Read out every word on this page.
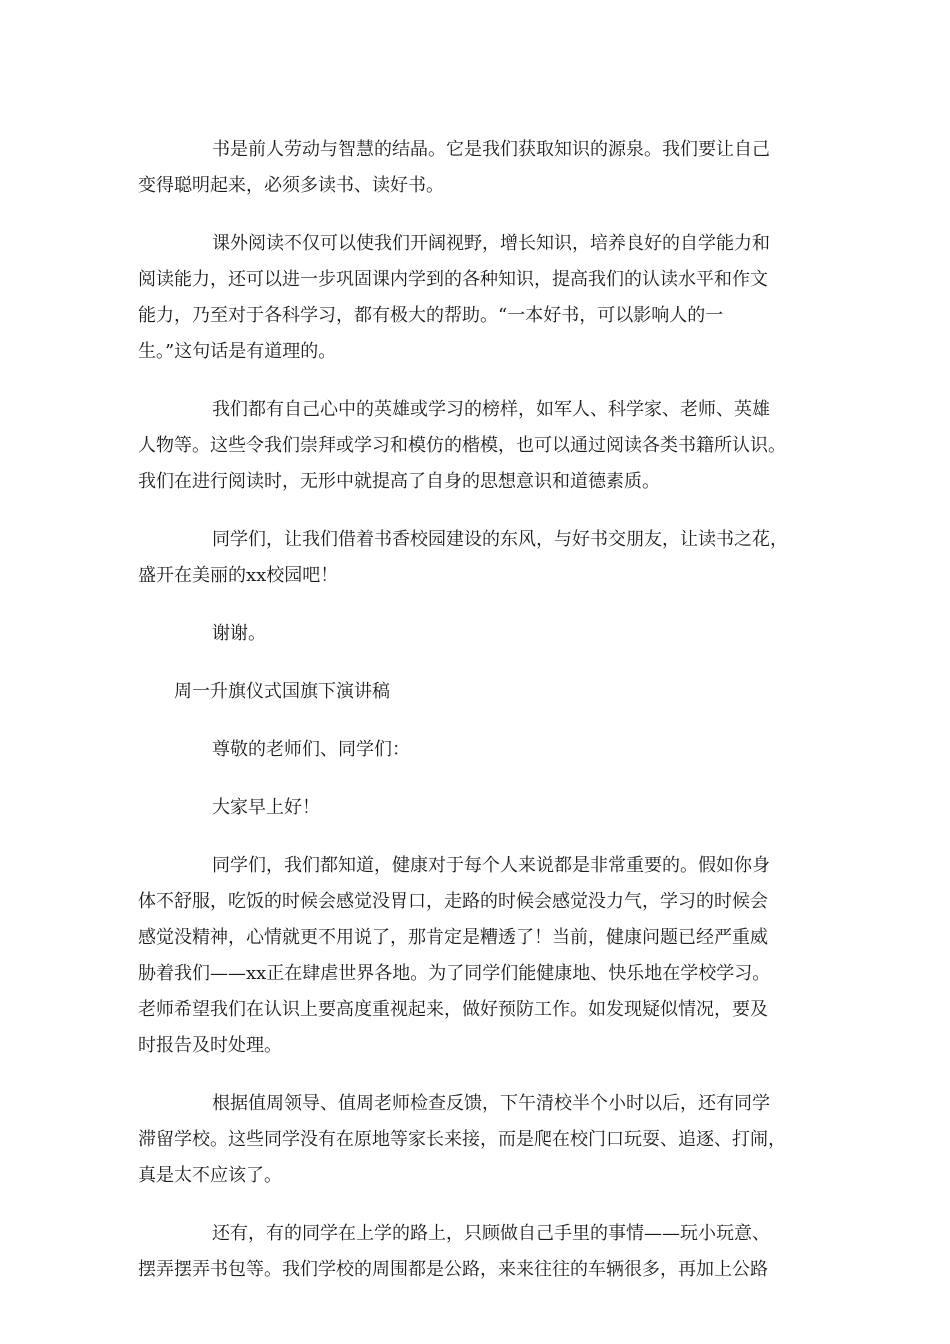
书是前人劳动与智慧的结晶。它是我们获取知识的源泉。我们要让自己
变得聪明起来，必须多读书、读好书。
课外阅读不仅可以使我们开阔视野，增长知识，培养良好的自学能力和
阅读能力，还可以进一步巩固课内学到的各种知识，提高我们的认读水平和作文
能力，乃至对于各科学习，都有极大的帮助。“一本好书，可以影响人的一
生。”这句话是有道理的。
我们都有自己心中的英雄或学习的榜样，如军人、科学家、老师、英雄
人物等。这些令我们崇拜或学习和模仿的楷模，也可以通过阅读各类书籍所认识。
我们在进行阅读时，无形中就提高了自身的思想意识和道德素质。
同学们，让我们借着书香校园建设的东风，与好书交朋友，让读书之花，
盛开在美丽的xx校园吧！
谢谢。
周一升旗仪式国旗下演讲稿
尊敬的老师们、同学们：
大家早上好！
同学们，我们都知道，健康对于每个人来说都是非常重要的。假如你身
体不舒服，吃饭的时候会感觉没胃口，走路的时候会感觉没力气，学习的时候会
感觉没精神，心情就更不用说了，那肯定是糟透了！当前，健康问题已经严重威
胁着我们——xx正在肆虐世界各地。为了同学们能健康地、快乐地在学校学习。
老师希望我们在认识上要高度重视起来，做好预防工作。如发现疑似情况，要及
时报告及时处理。
根据值周领导、值周老师检查反馈，下午清校半个小时以后，还有同学
滞留学校。这些同学没有在原地等家长来接，而是爬在校门口玩耍、追逐、打闹，
真是太不应该了。
还有，有的同学在上学的路上，只顾做自己手里的事情——玩小玩意、
摆弄摆弄书包等。我们学校的周围都是公路，来来往往的车辆很多，再加上公路
